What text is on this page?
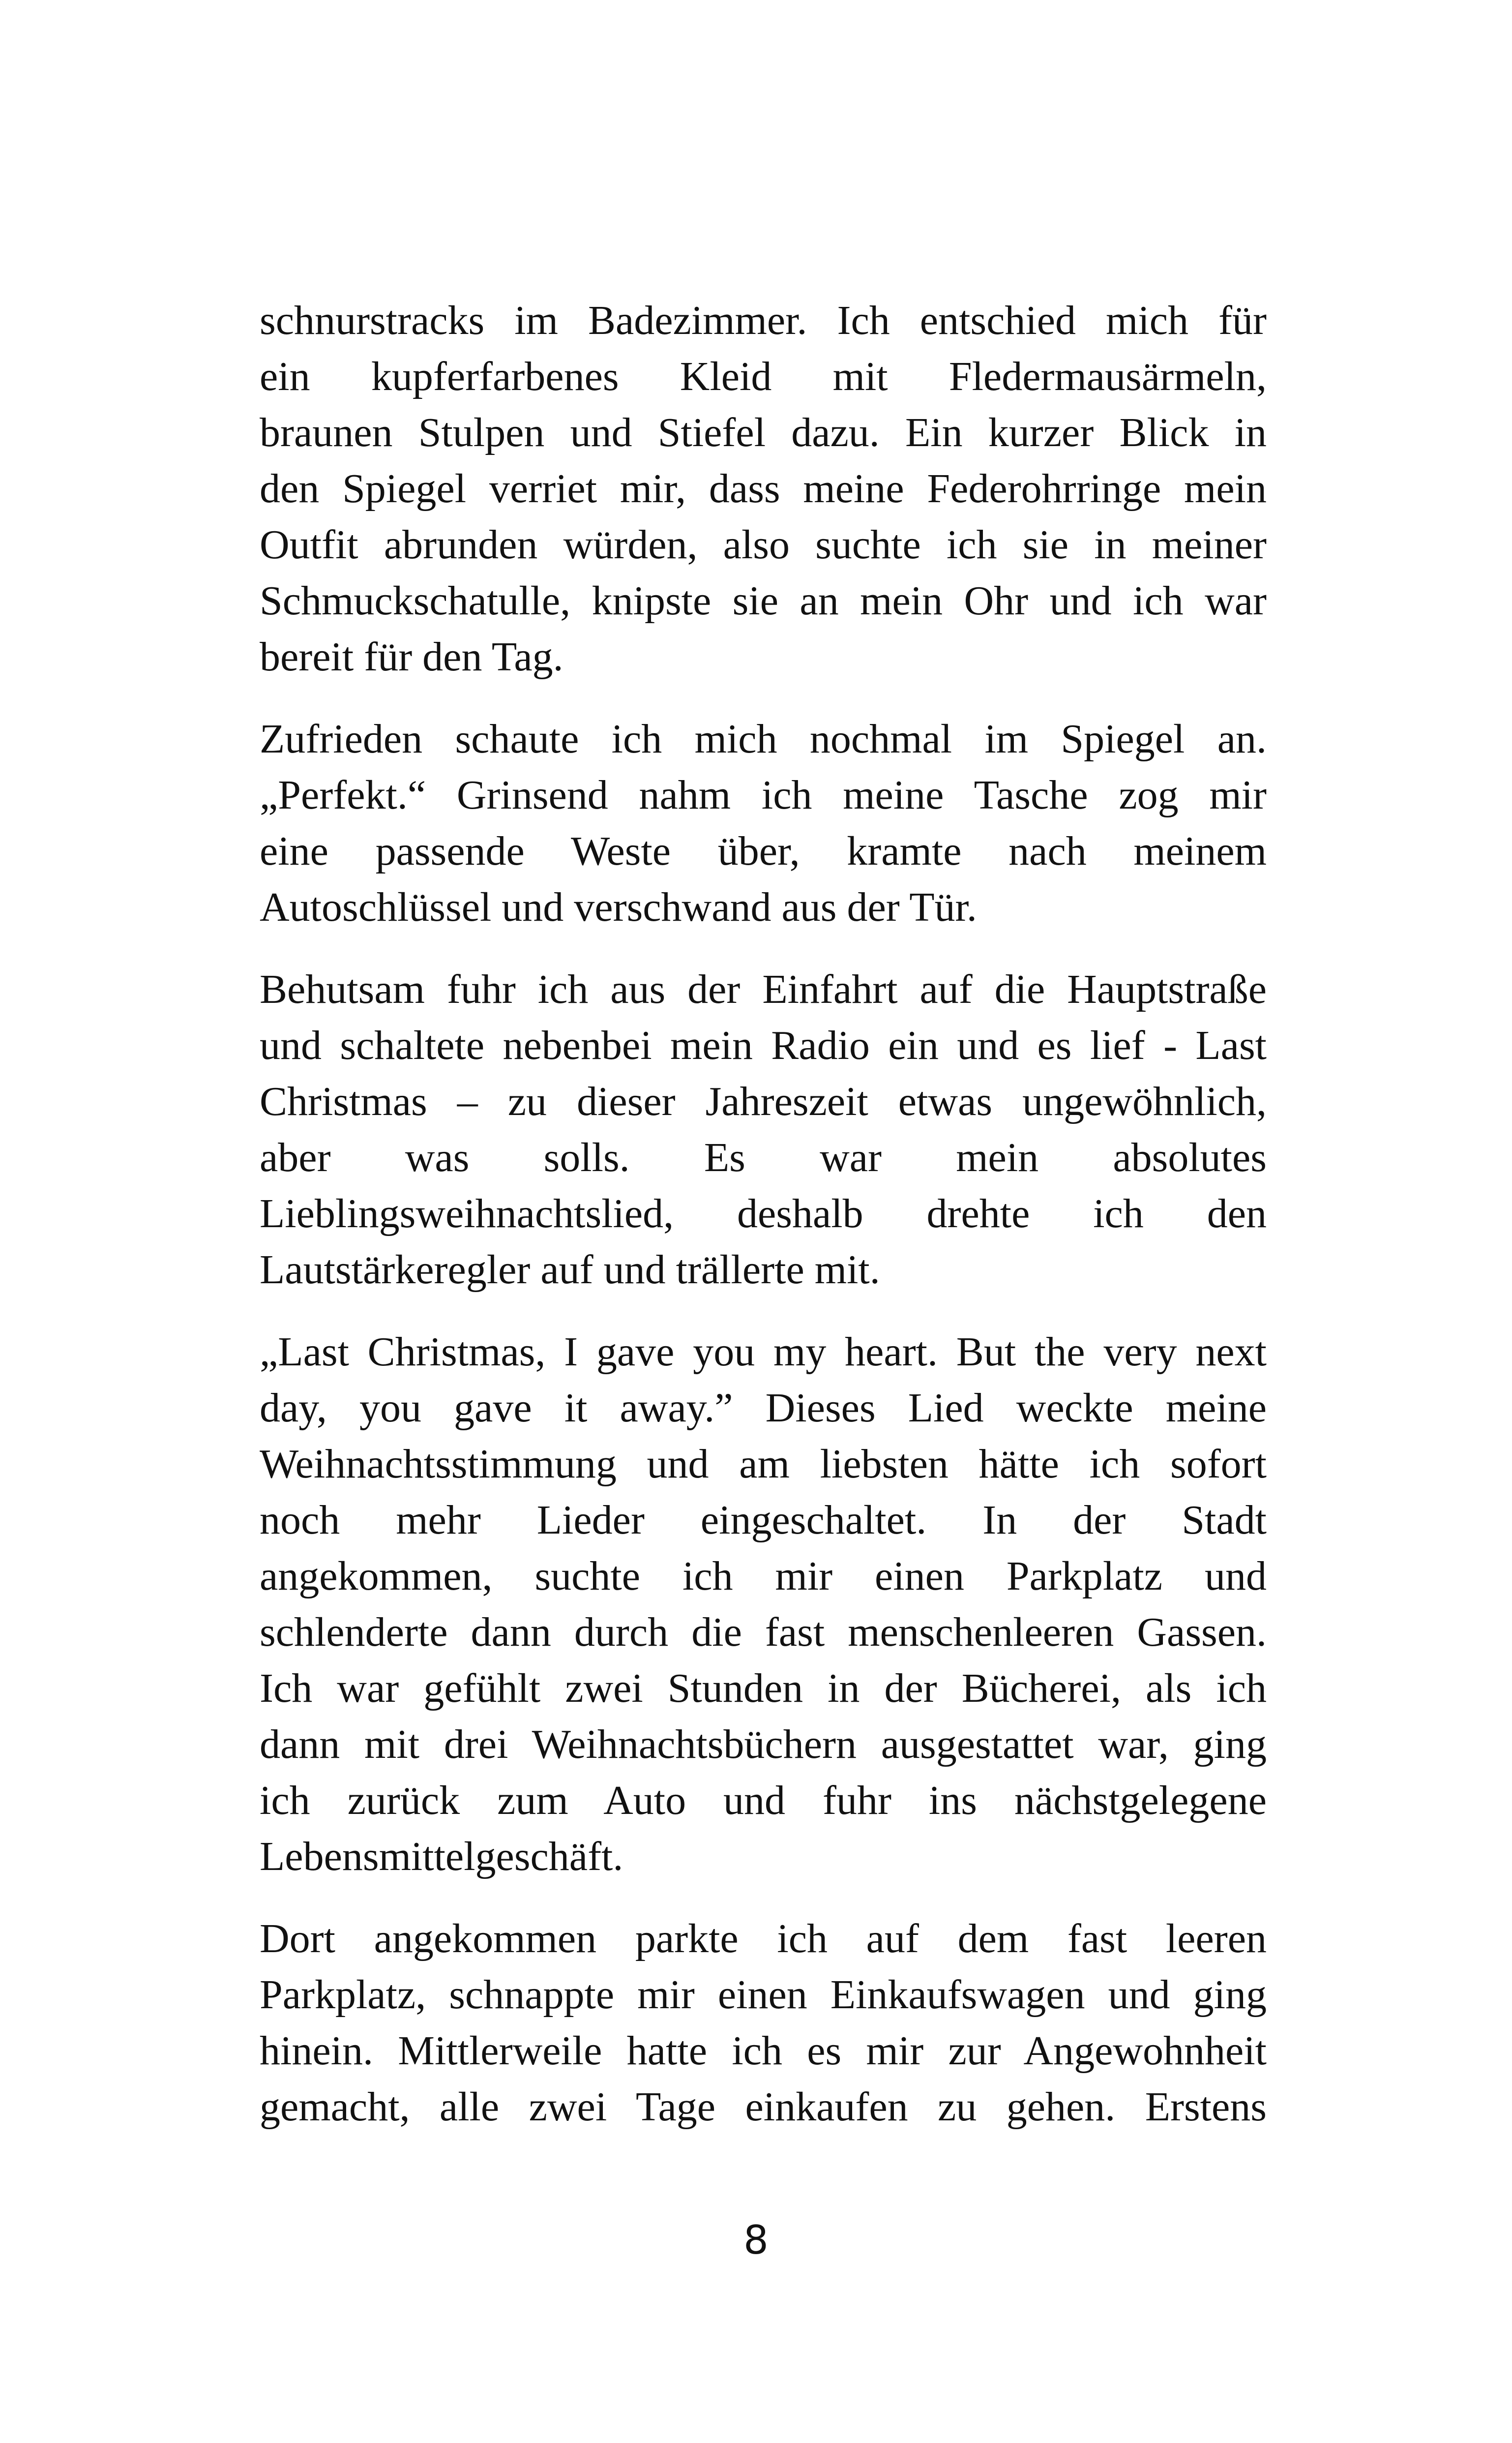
schnurstracks im Badezimmer. Ich entschied mich für
ein kupferfarbenes Kleid mit Fledermausärmeln,
braunen Stulpen und Stiefel dazu. Ein kurzer Blick in
den Spiegel verriet mir, dass meine Federohrringe mein
Outfit abrunden würden, also suchte ich sie in meiner
Schmuckschatulle, knipste sie an mein Ohr und ich war
bereit für den Tag.
Zufrieden schaute ich mich nochmal im Spiegel an.
„Perfekt.“ Grinsend nahm ich meine Tasche zog mir
eine passende Weste über, kramte nach meinem
Autoschlüssel und verschwand aus der Tür.
Behutsam fuhr ich aus der Einfahrt auf die Hauptstraße
und schaltete nebenbei mein Radio ein und es lief - Last
Christmas – zu dieser Jahreszeit etwas ungewöhnlich,
aber was solls. Es war mein absolutes
Lieblingsweihnachtslied, deshalb drehte ich den
Lautstärkeregler auf und trällerte mit.
„Last Christmas, I gave you my heart. But the very next
day, you gave it away.” Dieses Lied weckte meine
Weihnachtsstimmung und am liebsten hätte ich sofort
noch mehr Lieder eingeschaltet. In der Stadt
angekommen, suchte ich mir einen Parkplatz und
schlenderte dann durch die fast menschenleeren Gassen.
Ich war gefühlt zwei Stunden in der Bücherei, als ich
dann mit drei Weihnachtsbüchern ausgestattet war, ging
ich zurück zum Auto und fuhr ins nächstgelegene
Lebensmittelgeschäft.
Dort angekommen parkte ich auf dem fast leeren
Parkplatz, schnappte mir einen Einkaufswagen und ging
hinein. Mittlerweile hatte ich es mir zur Angewohnheit
gemacht, alle zwei Tage einkaufen zu gehen. Erstens
8
